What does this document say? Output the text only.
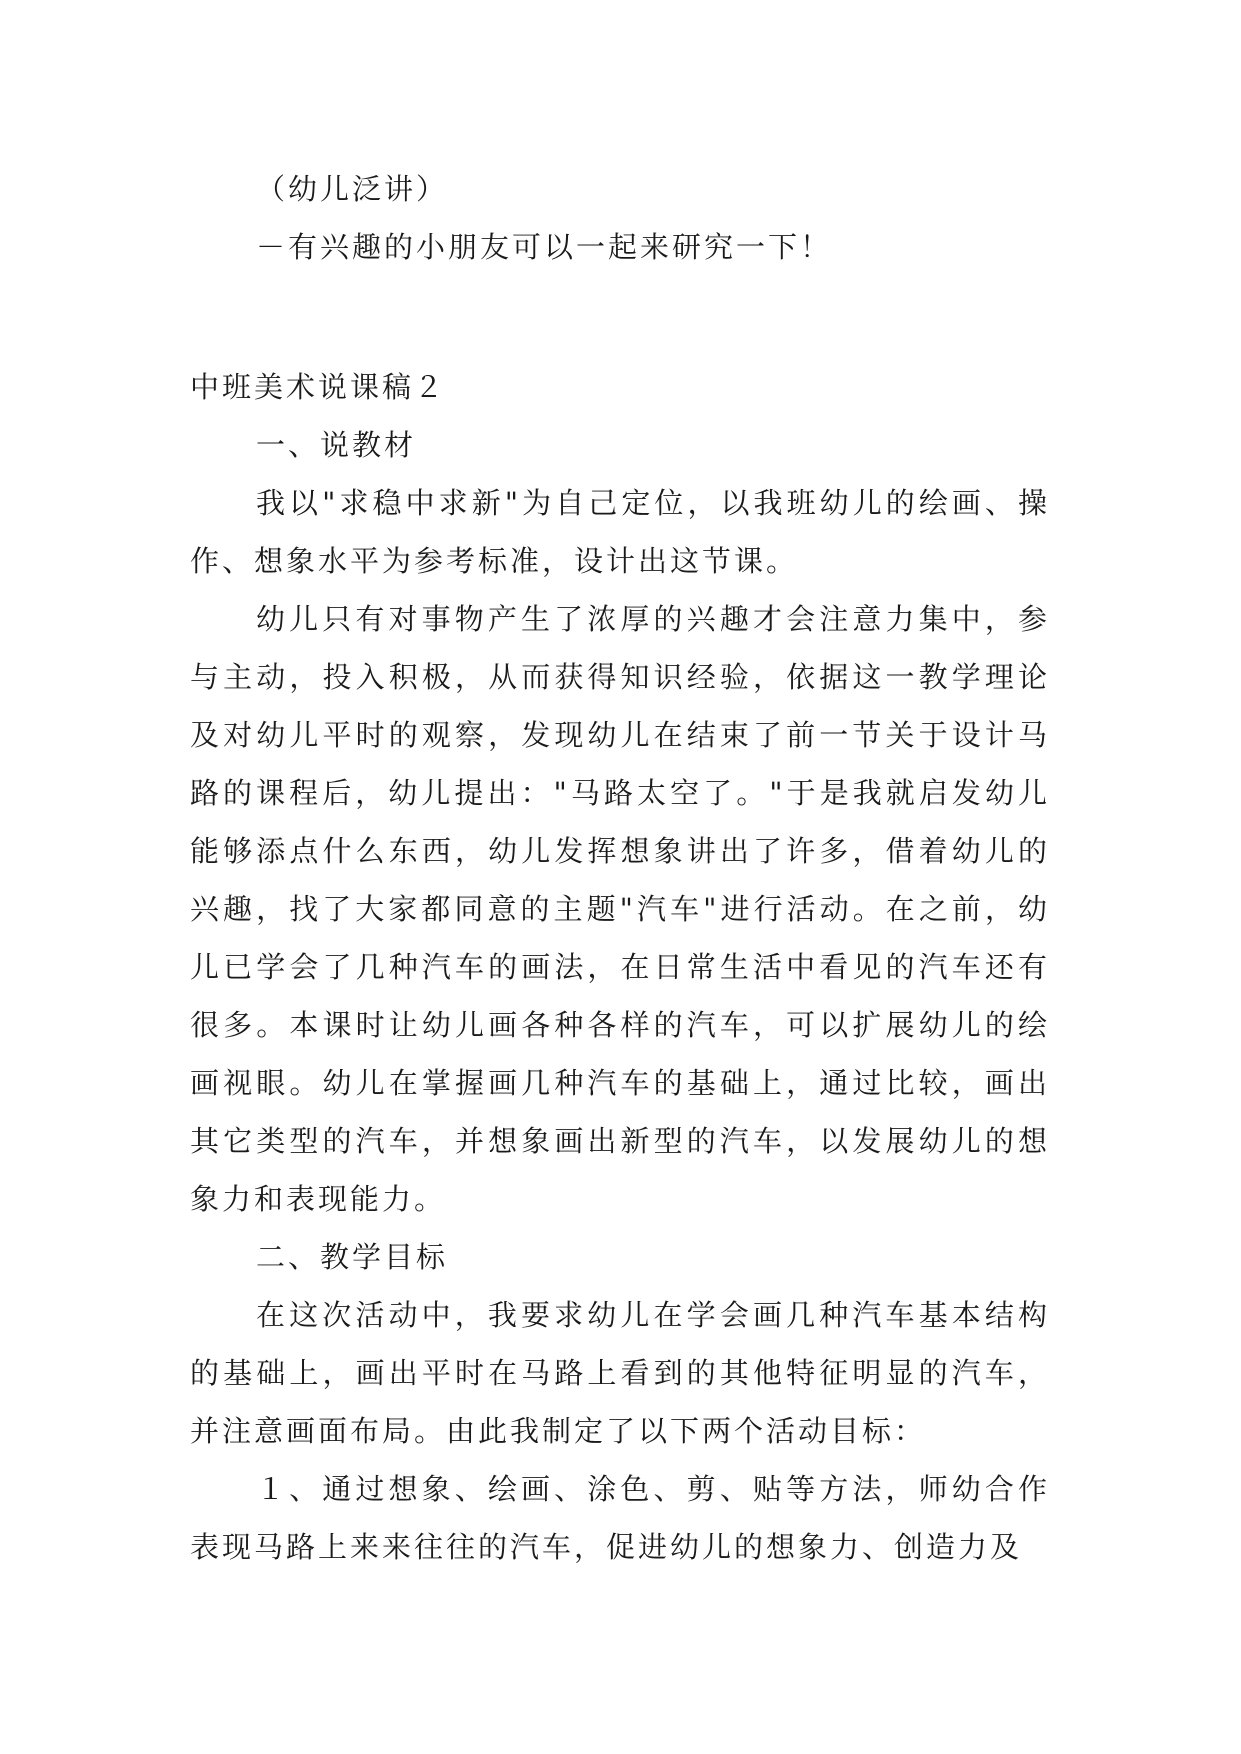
（幼儿泛讲）

－有兴趣的小朋友可以一起来研究一下！

中班美术说课稿２

一、说教材

我以"求稳中求新"为自己定位，以我班幼儿的绘画、操作、想象水平为参考标准，设计出这节课。

幼儿只有对事物产生了浓厚的兴趣才会注意力集中，参与主动，投入积极，从而获得知识经验，依据这一教学理论及对幼儿平时的观察，发现幼儿在结束了前一节关于设计马路的课程后，幼儿提出："马路太空了。"于是我就启发幼儿能够添点什么东西，幼儿发挥想象讲出了许多，借着幼儿的兴趣，找了大家都同意的主题"汽车"进行活动。在之前，幼儿已学会了几种汽车的画法，在日常生活中看见的汽车还有很多。本课时让幼儿画各种各样的汽车，可以扩展幼儿的绘画视眼。幼儿在掌握画几种汽车的基础上，通过比较，画出其它类型的汽车，并想象画出新型的汽车，以发展幼儿的想象力和表现能力。

二、教学目标

在这次活动中，我要求幼儿在学会画几种汽车基本结构的基础上，画出平时在马路上看到的其他特征明显的汽车，并注意画面布局。由此我制定了以下两个活动目标：

１、通过想象、绘画、涂色、剪、贴等方法，师幼合作表现马路上来来往往的汽车，促进幼儿的想象力、创造力及
